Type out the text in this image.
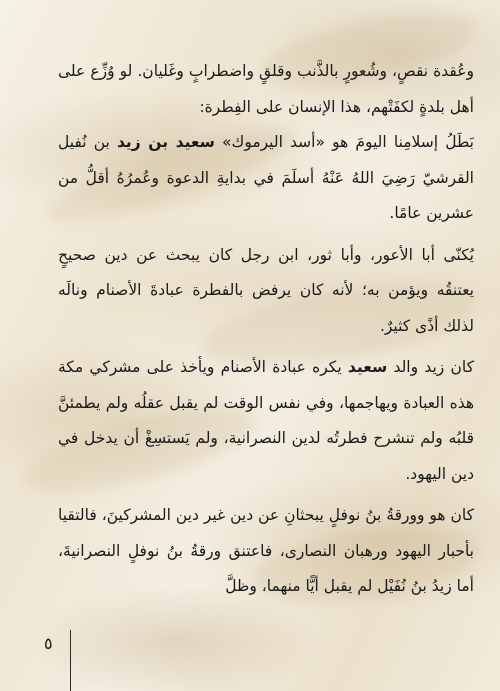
وعُقدة نقصٍ، وشُعورٍ بالذَّنب وقلقٍ واضطرابٍ وغَليان. لو وُزِّع على أهل بلدةٍ لكفَتْهم، هذا الإنسان على الفِطرة:

بَطَلُ إسلامِنا اليومَ هو «أسد اليرموك» سعيد بن زيد بن نُفيل القرشيّ رَضِيَ اللهُ عَنْهُ أسلَمَ في بدايةِ الدعوة وعُمرُهُ أقلُّ من عشرين عامًا.

يُكنّى أبا الأعور، وأبا ثور، ابن رجل كان يبحث عن دين صحيحٍ يعتنقُه ويؤمن به؛ لأنه كان يرفض بالفطرة عبادةَ الأصنام ونالَه لذلك أذًى كثيرٌ.

كان زيد والد سعيد يكره عبادة الأصنام ويأخذ على مشركي مكة هذه العبادة ويهاجمها، وفي نفس الوقت لم يقبل عقلُه ولم يطمئنَّ قلبُه ولم تنشرح فطرتُه لدين النصرانية، ولم يَستسِغْ أن يدخل في دين اليهود.

كان هو وورقةُ بنُ نوفلٍ يبحثانِ عن دين غير دين المشركينَ، فالتقيا بأحبار اليهود ورهبان النصارى، فاعتنق ورقةُ بنُ نوفلٍ النصرانيةَ، أما زيدُ بنُ نُفَيْل لم يقبل أيًّا منهما، وظلَّ

٥
